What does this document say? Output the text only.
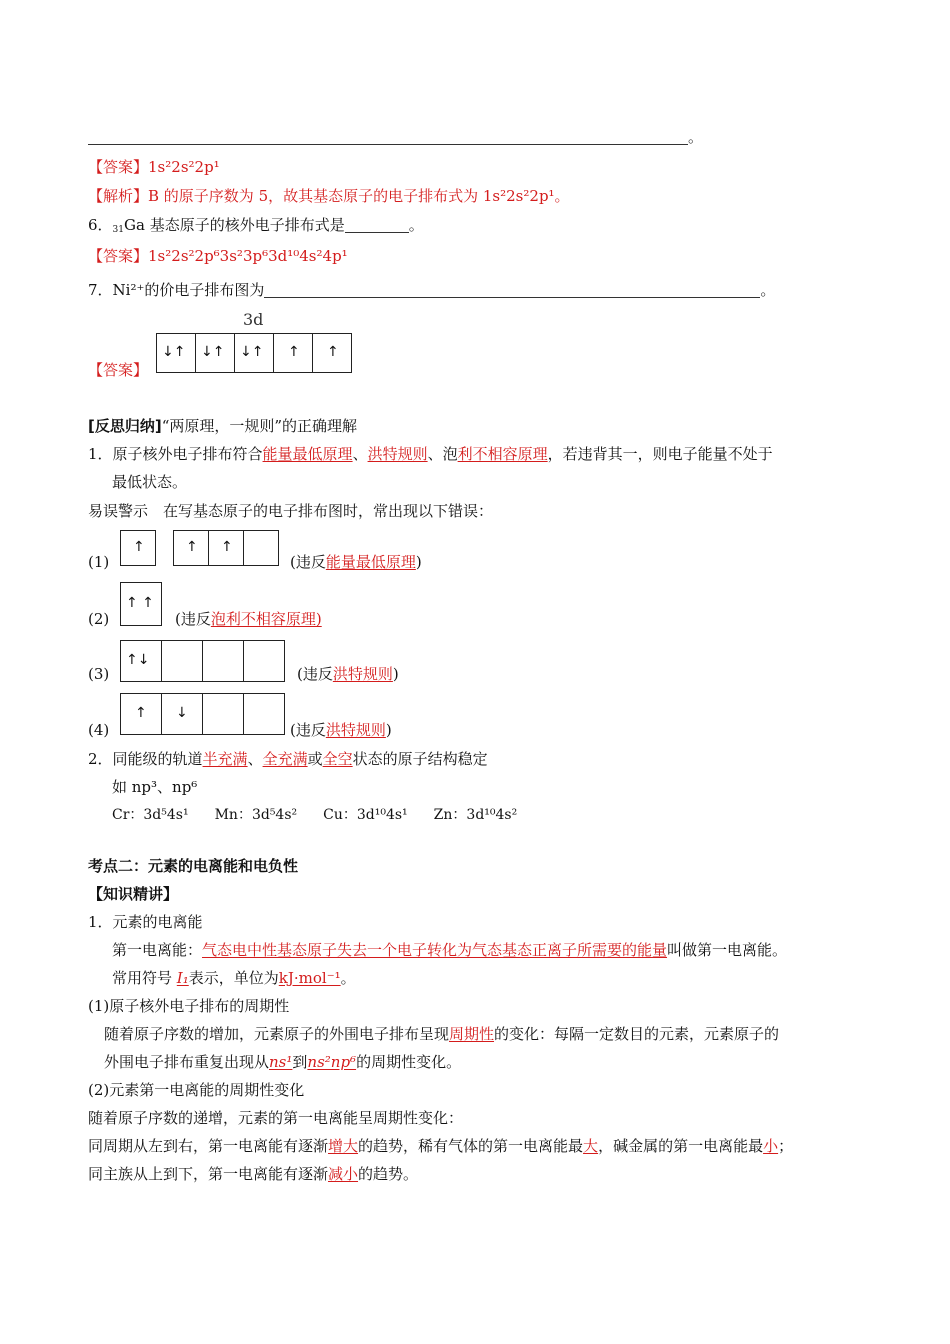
。
【答案】1s²2s²2p¹
【解析】B 的原子序数为 5，故其基态原子的电子排布式为 1s²2s²2p¹。
6．$_{31}$Ga 基态原子的核外电子排布式是	。
【答案】1s²2s²2p⁶3s²3p⁶3d¹⁰4s²4p¹
7．Ni²⁺的价电子排布图为	。
3d
↓↑ ↓↑ ↓↑ ↑ ↑
【答案】
[反思归纳]“两原理，一规则”的正确理解
1．原子核外电子排布符合能量最低原理、洪特规则、泡利不相容原理，若违背其一，则电子能量不处于
最低状态。
易误警示　在写基态原子的电子排布图时，常出现以下错误：
(1)
↑	↑ ↑
(违反能量最低原理)
(2)
↑ ↑
(违反泡利不相容原理)
(3)
↑↓
(违反洪特规则)
(4)
↑ ↓
(违反洪特规则)
2．同能级的轨道半充满、全充满或全空状态的原子结构稳定
如 np³、np⁶
Cr：3d⁵4s¹ Mn：3d⁵4s² Cu：3d¹⁰4s¹ Zn：3d¹⁰4s²
考点二：元素的电离能和电负性
【知识精讲】
1．元素的电离能
第一电离能：气态电中性基态原子失去一个电子转化为气态基态正离子所需要的能量叫做第一电离能。
常用符号 I₁表示，单位为kJ·mol⁻¹。
(1)原子核外电子排布的周期性
随着原子序数的增加，元素原子的外围电子排布呈现周期性的变化：每隔一定数目的元素，元素原子的
外围电子排布重复出现从ns¹到ns²np⁶的周期性变化。
(2)元素第一电离能的周期性变化
随着原子序数的递增，元素的第一电离能呈周期性变化：
同周期从左到右，第一电离能有逐渐增大的趋势，稀有气体的第一电离能最大，碱金属的第一电离能最小；
同主族从上到下，第一电离能有逐渐减小的趋势。
